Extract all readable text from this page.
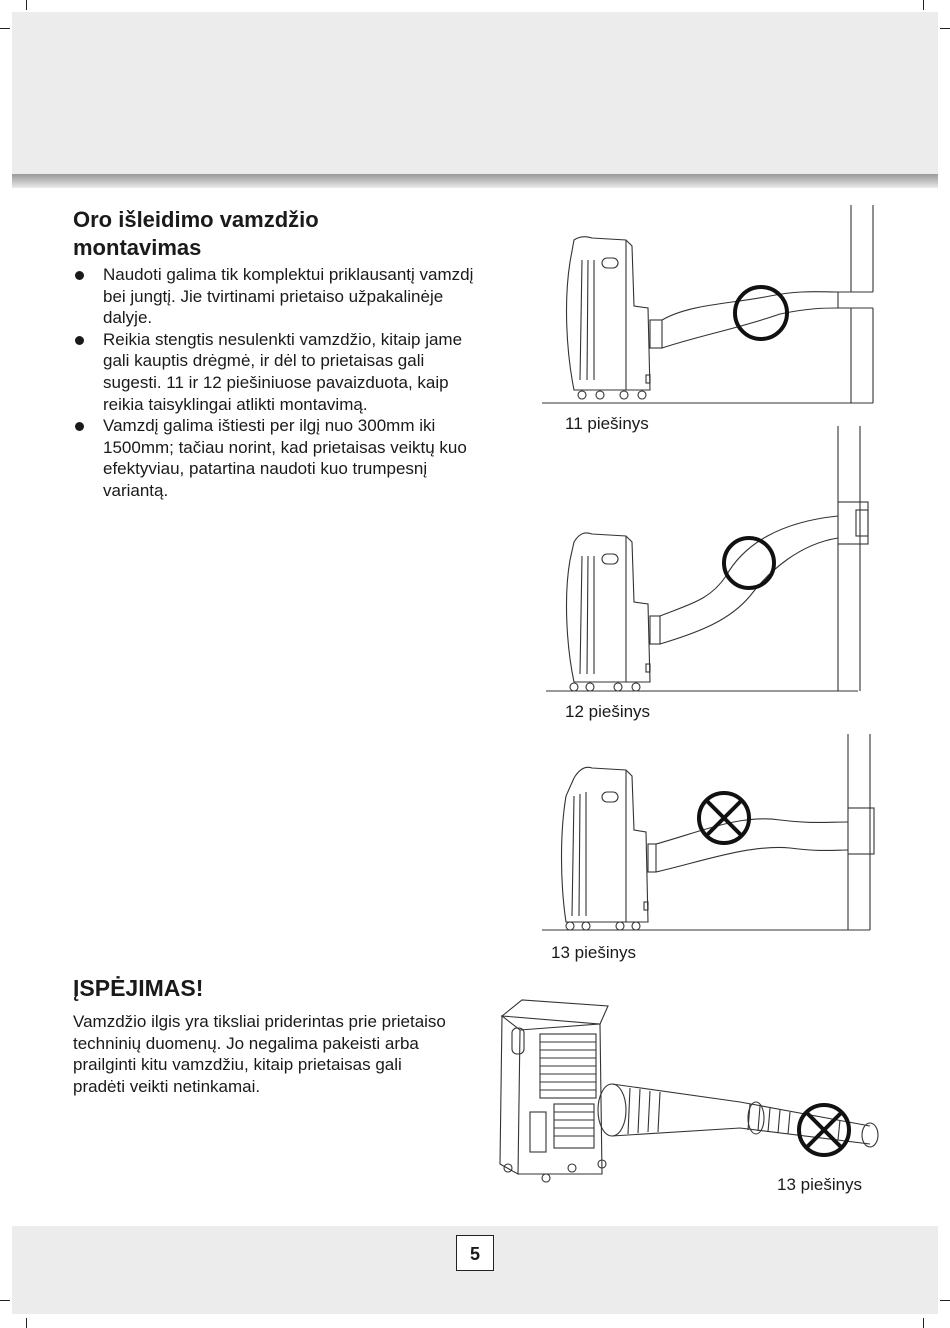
Oro išleidimo vamzdžio montavimas
Naudoti galima tik komplektui priklausantį vamzdį bei jungtį. Jie tvirtinami prietaiso užpakalinėje dalyje.
Reikia stengtis nesulenkti vamzdžio, kitaip jame gali kauptis drėgmė, ir dėl to prietaisas gali sugesti. 11 ir 12 piešiniuose pavaizduota, kaip reikia taisyklingai atlikti montavimą.
Vamzdį galima ištiesti per ilgį nuo 300mm iki 1500mm; tačiau norint, kad prietaisas veiktų kuo efektyviau, patartina naudoti kuo trumpesnį variantą.
ĮSPĖJIMAS!

Vamzdžio ilgis yra tiksliai priderintas prie prietaiso techninių duomenų. Jo negalima pakeisti arba prailginti kitu vamzdžiu, kitaip prietaisas gali pradėti veikti netinkamai.

11 piešinys
12 piešinys
13 piešinys
13 piešinys
5
